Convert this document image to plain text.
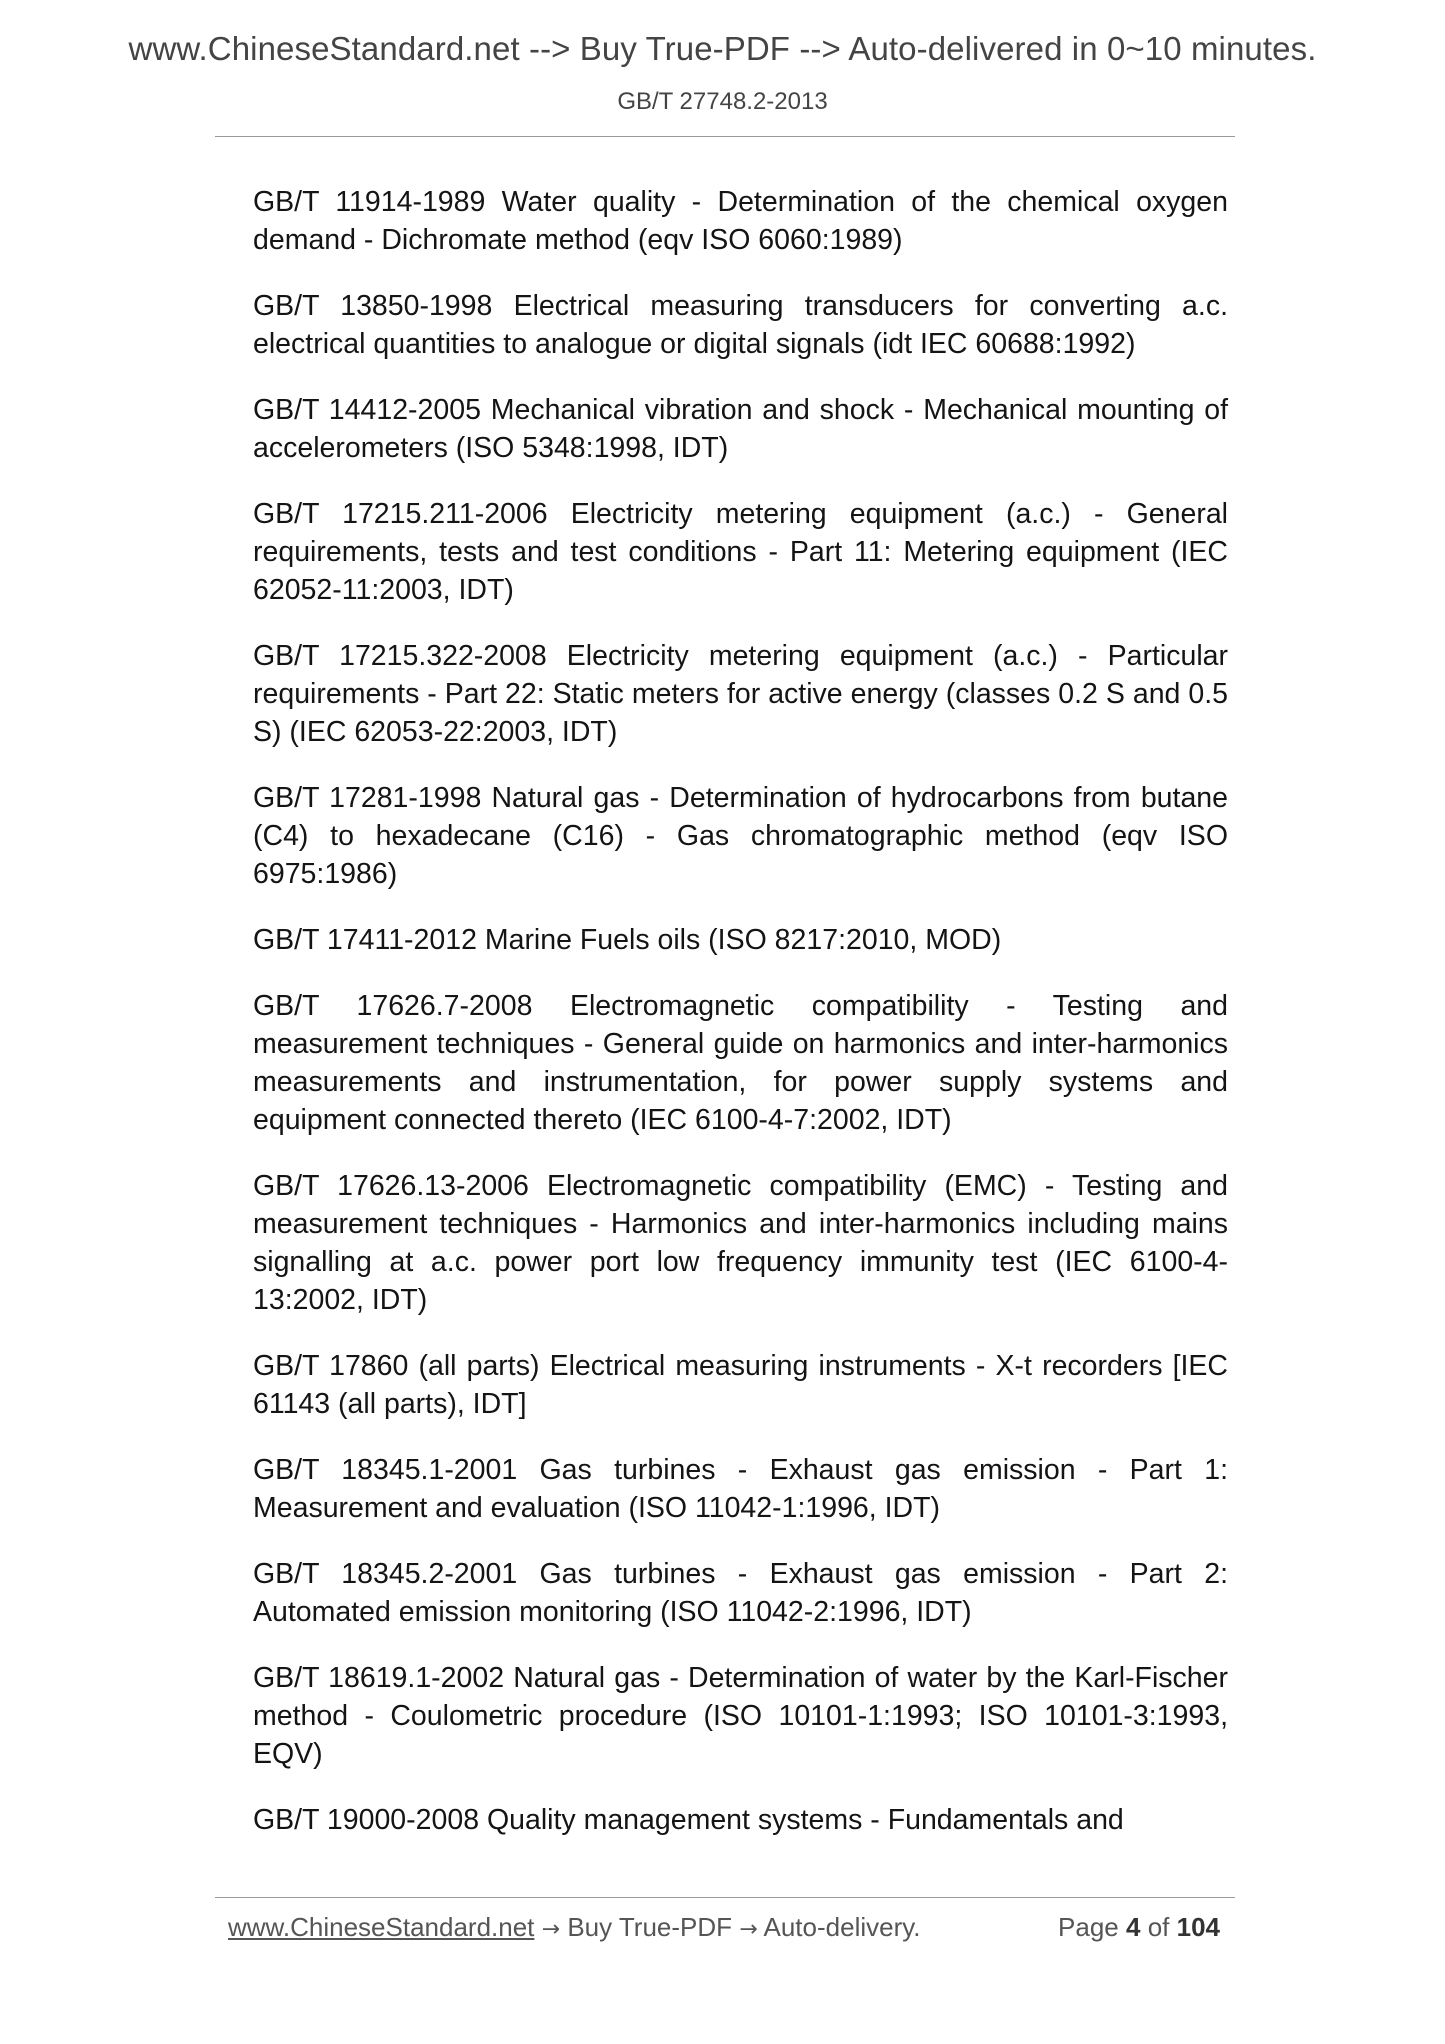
www.ChineseStandard.net --> Buy True-PDF --> Auto-delivered in 0~10 minutes.
GB/T 27748.2-2013

GB/T 11914-1989 Water quality - Determination of the chemical oxygen demand - Dichromate method (eqv ISO 6060:1989)

GB/T 13850-1998 Electrical measuring transducers for converting a.c. electrical quantities to analogue or digital signals (idt IEC 60688:1992)

GB/T 14412-2005 Mechanical vibration and shock - Mechanical mounting of accelerometers (ISO 5348:1998, IDT)

GB/T 17215.211-2006 Electricity metering equipment (a.c.) - General requirements, tests and test conditions - Part 11: Metering equipment (IEC 62052-11:2003, IDT)

GB/T 17215.322-2008 Electricity metering equipment (a.c.) - Particular requirements - Part 22: Static meters for active energy (classes 0.2 S and 0.5 S) (IEC 62053-22:2003, IDT)

GB/T 17281-1998 Natural gas - Determination of hydrocarbons from butane (C4) to hexadecane (C16) - Gas chromatographic method (eqv ISO 6975:1986)

GB/T 17411-2012 Marine Fuels oils (ISO 8217:2010, MOD)

GB/T 17626.7-2008 Electromagnetic compatibility - Testing and measurement techniques - General guide on harmonics and inter-harmonics measurements and instrumentation, for power supply systems and equipment connected thereto (IEC 6100-4-7:2002, IDT)

GB/T 17626.13-2006 Electromagnetic compatibility (EMC) - Testing and measurement techniques - Harmonics and inter-harmonics including mains signalling at a.c. power port low frequency immunity test (IEC 6100-4-13:2002, IDT)

GB/T 17860 (all parts) Electrical measuring instruments - X-t recorders [IEC 61143 (all parts), IDT]

GB/T 18345.1-2001 Gas turbines - Exhaust gas emission - Part 1: Measurement and evaluation (ISO 11042-1:1996, IDT)

GB/T 18345.2-2001 Gas turbines - Exhaust gas emission - Part 2: Automated emission monitoring (ISO 11042-2:1996, IDT)

GB/T 18619.1-2002 Natural gas - Determination of water by the Karl-Fischer method - Coulometric procedure (ISO 10101-1:1993; ISO 10101-3:1993, EQV)

GB/T 19000-2008 Quality management systems - Fundamentals and

www.ChineseStandard.net → Buy True-PDF → Auto-delivery.	Page 4 of 104
